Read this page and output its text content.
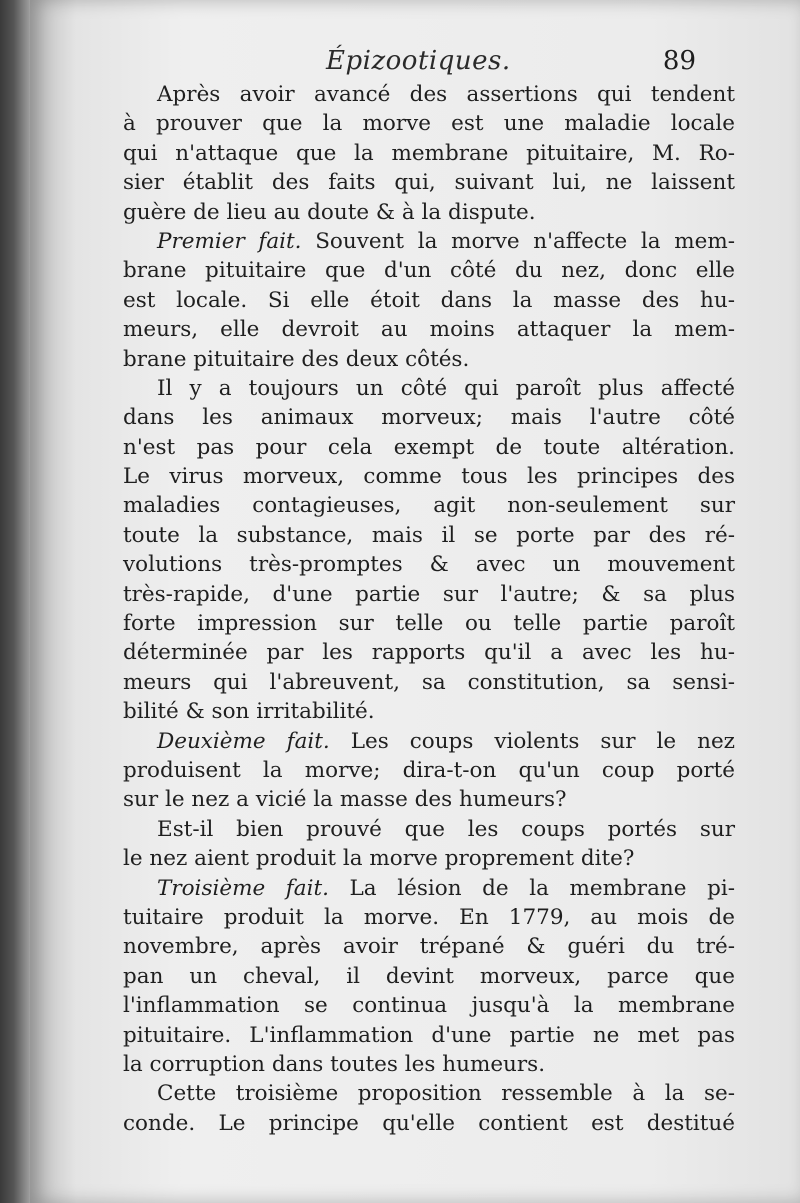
Épizootiques.	89
Après avoir avancé des assertions qui tendent
à prouver que la morve est une maladie locale
qui n'attaque que la membrane pituitaire, M. Ro-
sier établit des faits qui, suivant lui, ne laissent
guère de lieu au doute & à la dispute.
Premier fait. Souvent la morve n'affecte la mem-
brane pituitaire que d'un côté du nez, donc elle
est locale. Si elle étoit dans la masse des hu-
meurs, elle devroit au moins attaquer la mem-
brane pituitaire des deux côtés.
Il y a toujours un côté qui paroît plus affecté
dans les animaux morveux; mais l'autre côté
n'est pas pour cela exempt de toute altération.
Le virus morveux, comme tous les principes des
maladies contagieuses, agit non-seulement sur
toute la substance, mais il se porte par des ré-
volutions très-promptes & avec un mouvement
très-rapide, d'une partie sur l'autre; & sa plus
forte impression sur telle ou telle partie paroît
déterminée par les rapports qu'il a avec les hu-
meurs qui l'abreuvent, sa constitution, sa sensi-
bilité & son irritabilité.
Deuxième fait. Les coups violents sur le nez
produisent la morve; dira-t-on qu'un coup porté
sur le nez a vicié la masse des humeurs?
Est-il bien prouvé que les coups portés sur
le nez aient produit la morve proprement dite?
Troisième fait. La lésion de la membrane pi-
tuitaire produit la morve. En 1779, au mois de
novembre, après avoir trépané & guéri du tré-
pan un cheval, il devint morveux, parce que
l'inflammation se continua jusqu'à la membrane
pituitaire. L'inflammation d'une partie ne met pas
la corruption dans toutes les humeurs.
Cette troisième proposition ressemble à la se-
conde. Le principe qu'elle contient est destitué
